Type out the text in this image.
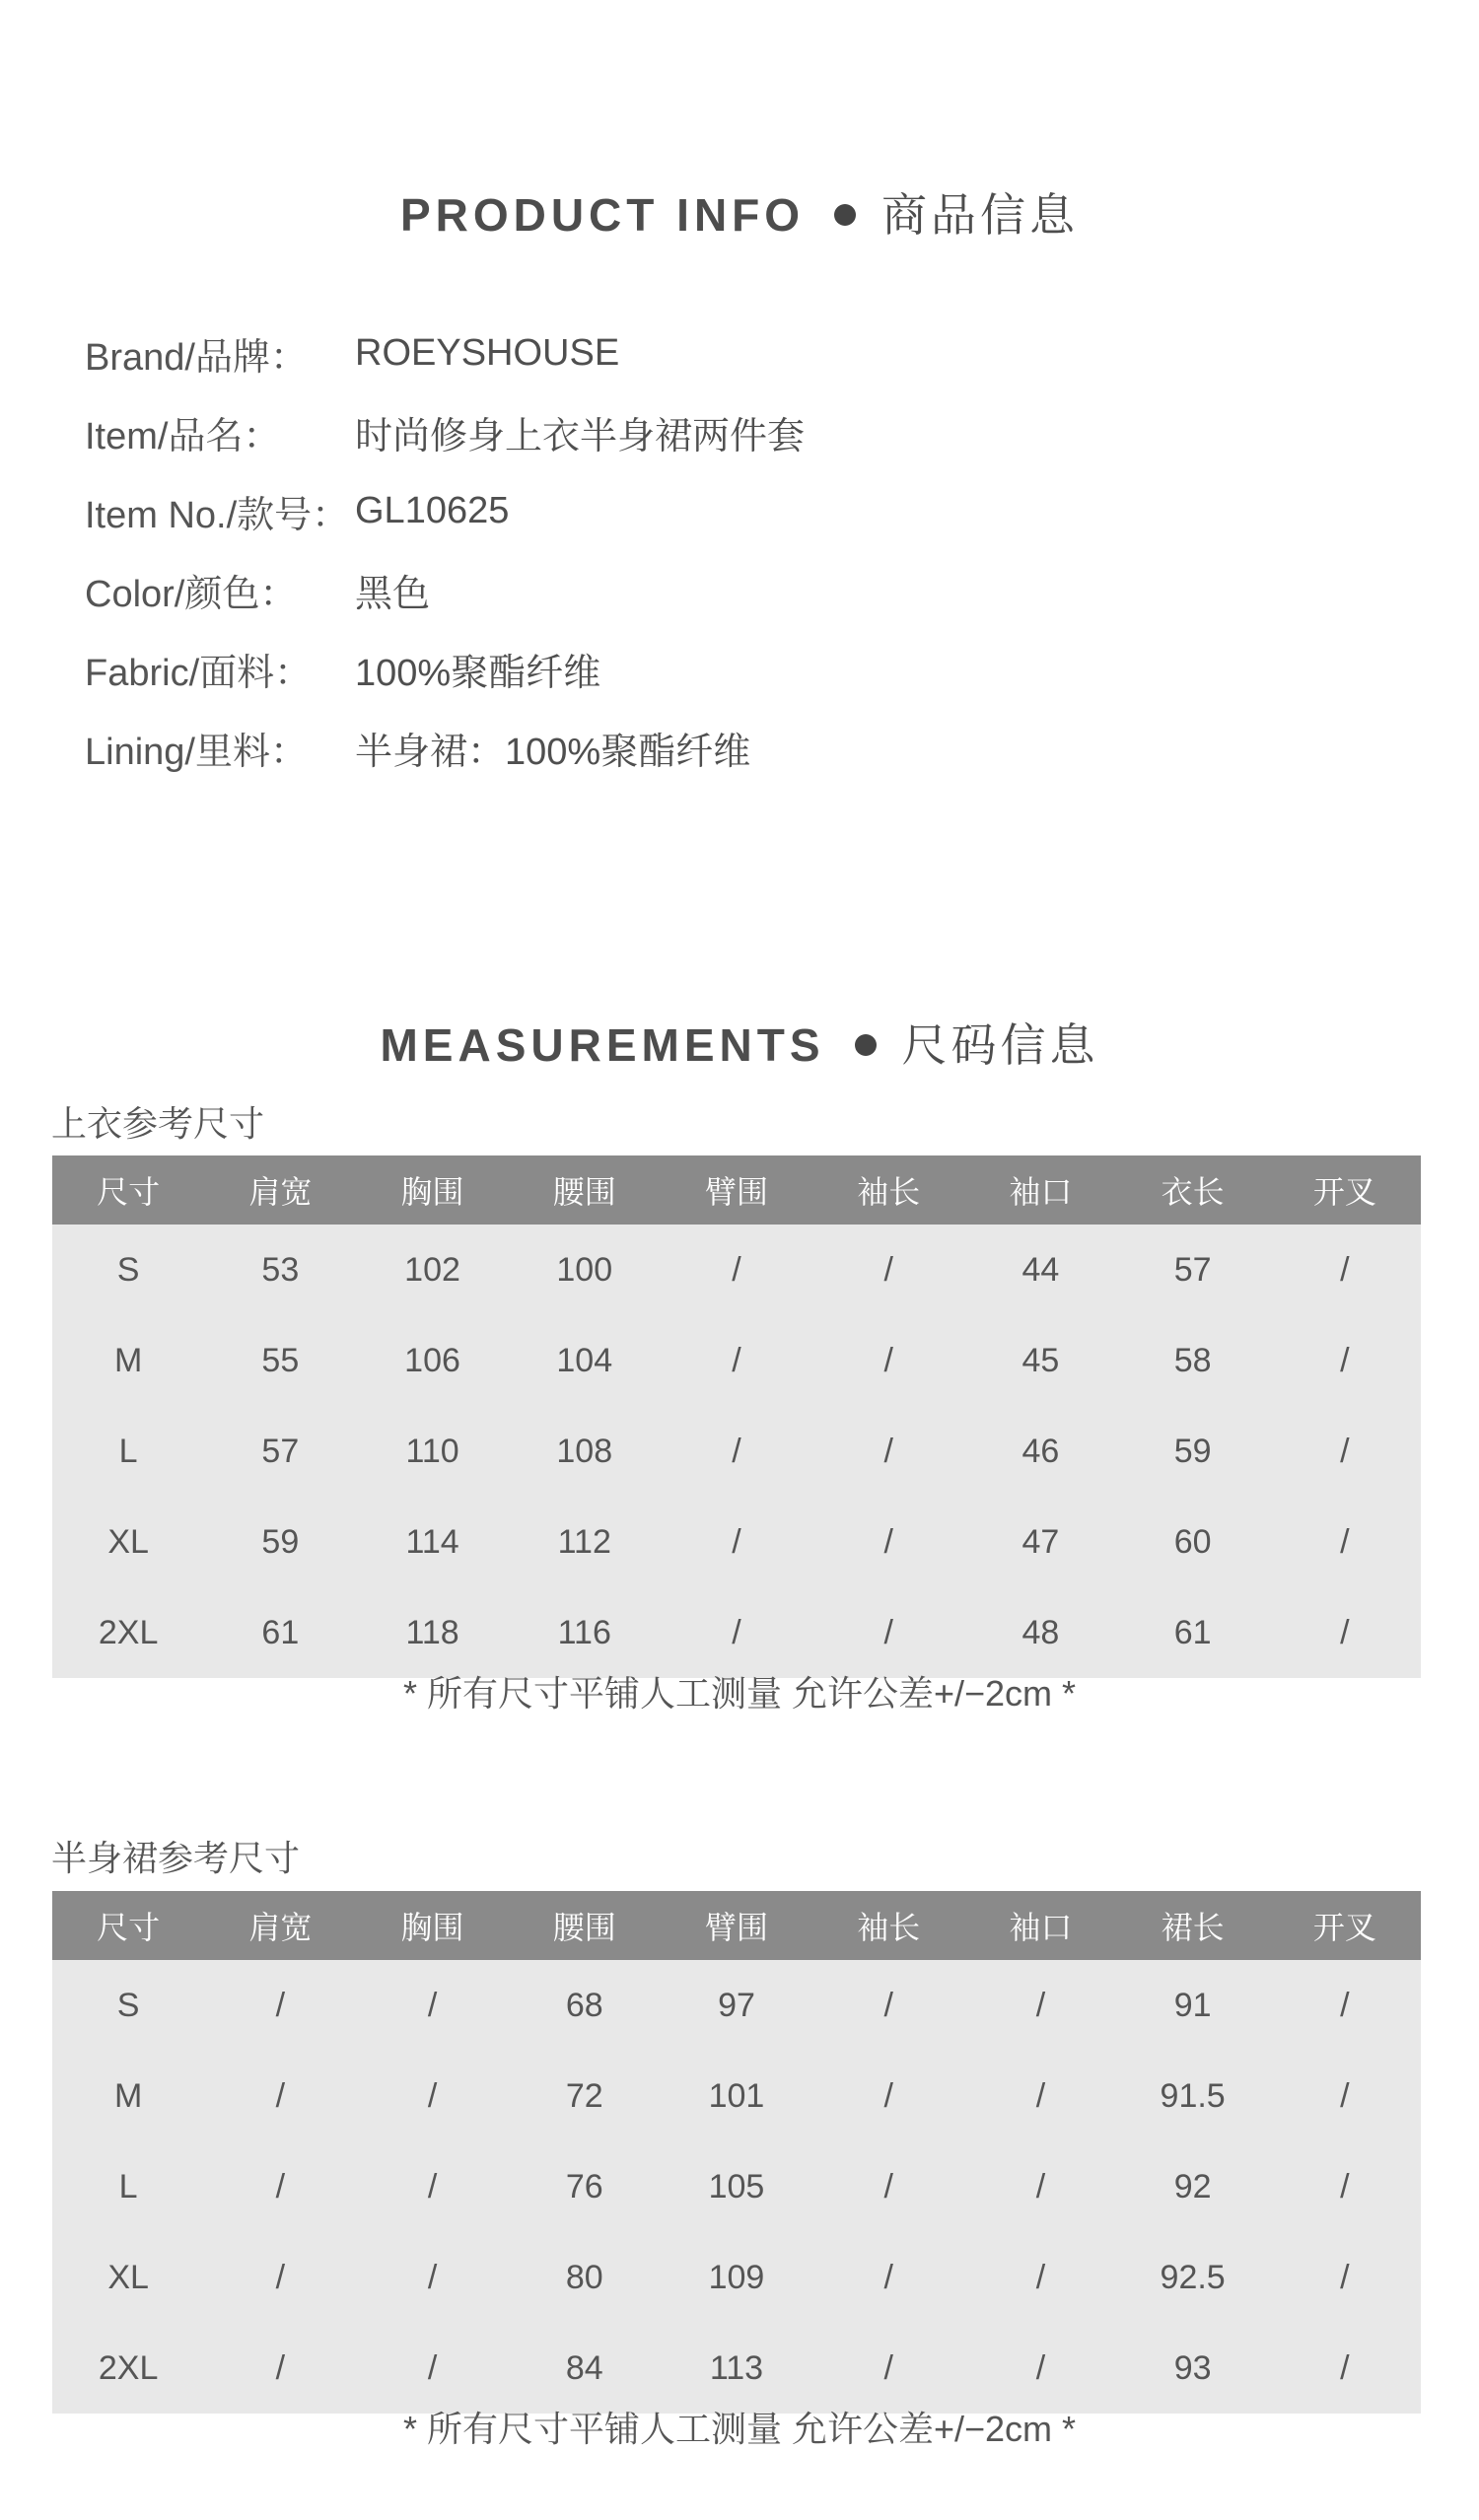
PRODUCT INFO 商品信息
Brand/品牌：	ROEYSHOUSE
Item/品名：	时尚修身上衣半身裙两件套
Item No./款号： GL10625
Color/颜色：	黑色
Fabric/面料：	100%聚酯纤维
Lining/里料：	半身裙：100%聚酯纤维
MEASUREMENTS 尺码信息
上衣参考尺寸
尺寸	肩宽	胸围	腰围	臂围	袖长	袖口	衣长	开叉
S	53	102	100	/	/	44	57	/
M	55	106	104	/	/	45	58	/
L	57	110	108	/	/	46	59	/
XL	59	114	112	/	/	47	60	/
2XL	61	118	116	/	/	48	61	/
* 所有尺寸平铺人工测量 允许公差+/−2cm *
半身裙参考尺寸
尺寸	肩宽	胸围	腰围	臂围	袖长	袖口	裙长	开叉
S	/	/	68	97	/	/	91	/
M	/	/	72	101	/	/	91.5	/
L	/	/	76	105	/	/	92	/
XL	/	/	80	109	/	/	92.5	/
2XL	/	/	84	113	/	/	93	/
* 所有尺寸平铺人工测量 允许公差+/−2cm *
